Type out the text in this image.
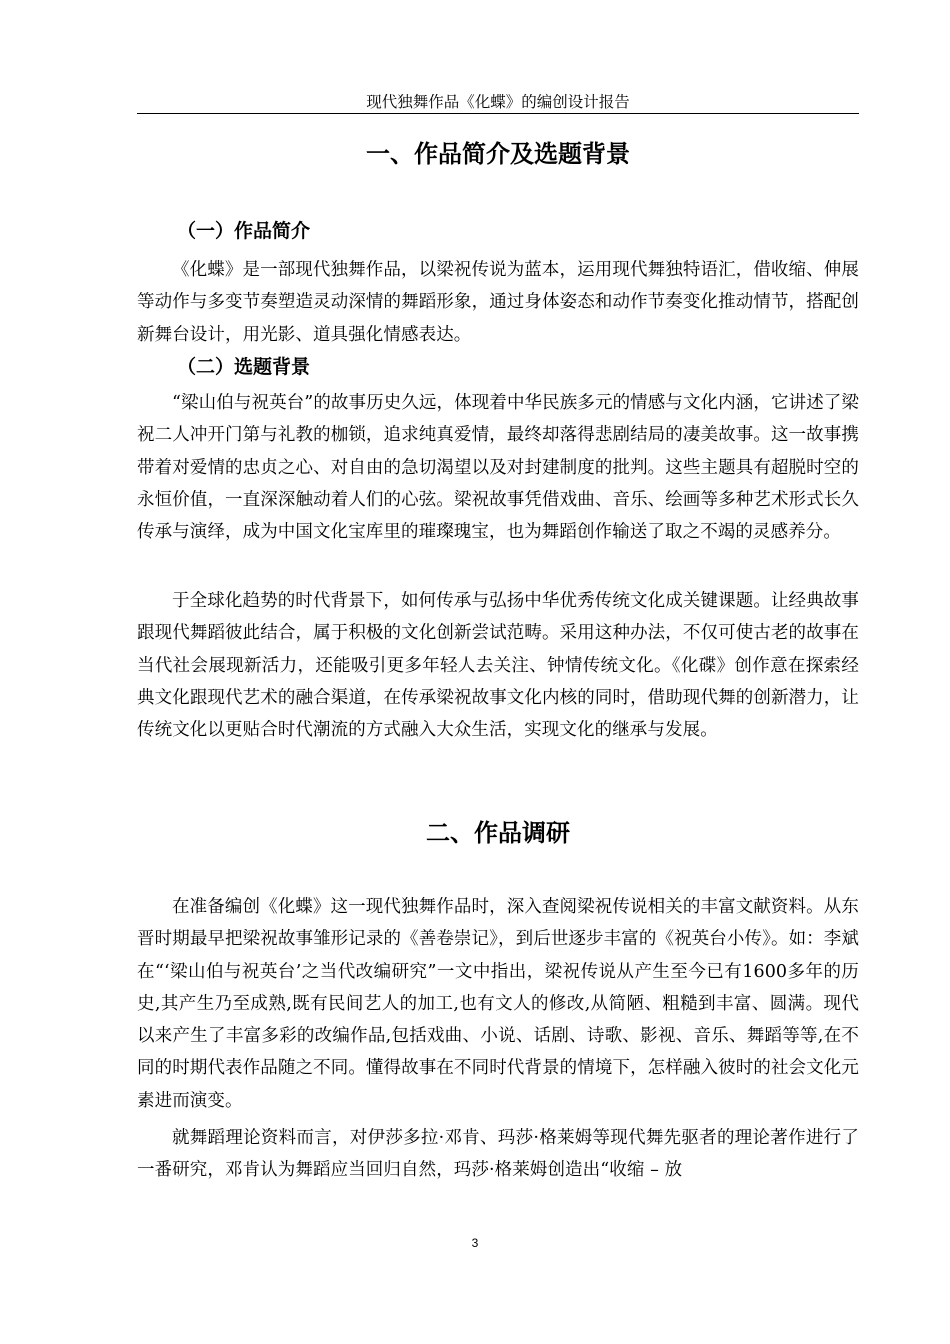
现代独舞作品《化蝶》的编创设计报告
一、作品简介及选题背景
（一）作品简介

《化蝶》是一部现代独舞作品，以梁祝传说为蓝本，运用现代舞独特语汇，借收缩、伸展等动作与多变节奏塑造灵动深情的舞蹈形象，通过身体姿态和动作节奏变化推动情节，搭配创新舞台设计，用光影、道具强化情感表达。

（二）选题背景

“梁山伯与祝英台”的故事历史久远，体现着中华民族多元的情感与文化内涵，它讲述了梁祝二人冲开门第与礼教的枷锁，追求纯真爱情，最终却落得悲剧结局的凄美故事。这一故事携带着对爱情的忠贞之心、对自由的急切渴望以及对封建制度的批判。这些主题具有超脱时空的永恒价值，一直深深触动着人们的心弦。梁祝故事凭借戏曲、音乐、绘画等多种艺术形式长久传承与演绎，成为中国文化宝库里的璀璨瑰宝，也为舞蹈创作输送了取之不竭的灵感养分。

于全球化趋势的时代背景下，如何传承与弘扬中华优秀传统文化成关键课题。让经典故事跟现代舞蹈彼此结合，属于积极的文化创新尝试范畴。采用这种办法，不仅可使古老的故事在当代社会展现新活力，还能吸引更多年轻人去关注、钟情传统文化。《化碟》创作意在探索经典文化跟现代艺术的融合渠道，在传承梁祝故事文化内核的同时，借助现代舞的创新潜力，让传统文化以更贴合时代潮流的方式融入大众生活，实现文化的继承与发展。

二、作品调研

在准备编创《化蝶》这一现代独舞作品时，深入查阅梁祝传说相关的丰富文献资料。从东晋时期最早把梁祝故事雏形记录的《善卷崇记》，到后世逐步丰富的《祝英台小传》。如：李斌在“‘梁山伯与祝英台’之当代改编研究”一文中指出，梁祝传说从产生至今已有1600多年的历史,其产生乃至成熟,既有民间艺人的加工,也有文人的修改,从简陋、粗糙到丰富、圆满。现代以来产生了丰富多彩的改编作品,包括戏曲、小说、话剧、诗歌、影视、音乐、舞蹈等等,在不同的时期代表作品随之不同。懂得故事在不同时代背景的情境下，怎样融入彼时的社会文化元素进而演变。

就舞蹈理论资料而言，对伊莎多拉·邓肯、玛莎·格莱姆等现代舞先驱者的理论著作进行了一番研究，邓肯认为舞蹈应当回归自然，玛莎·格莱姆创造出“收缩 – 放

3
